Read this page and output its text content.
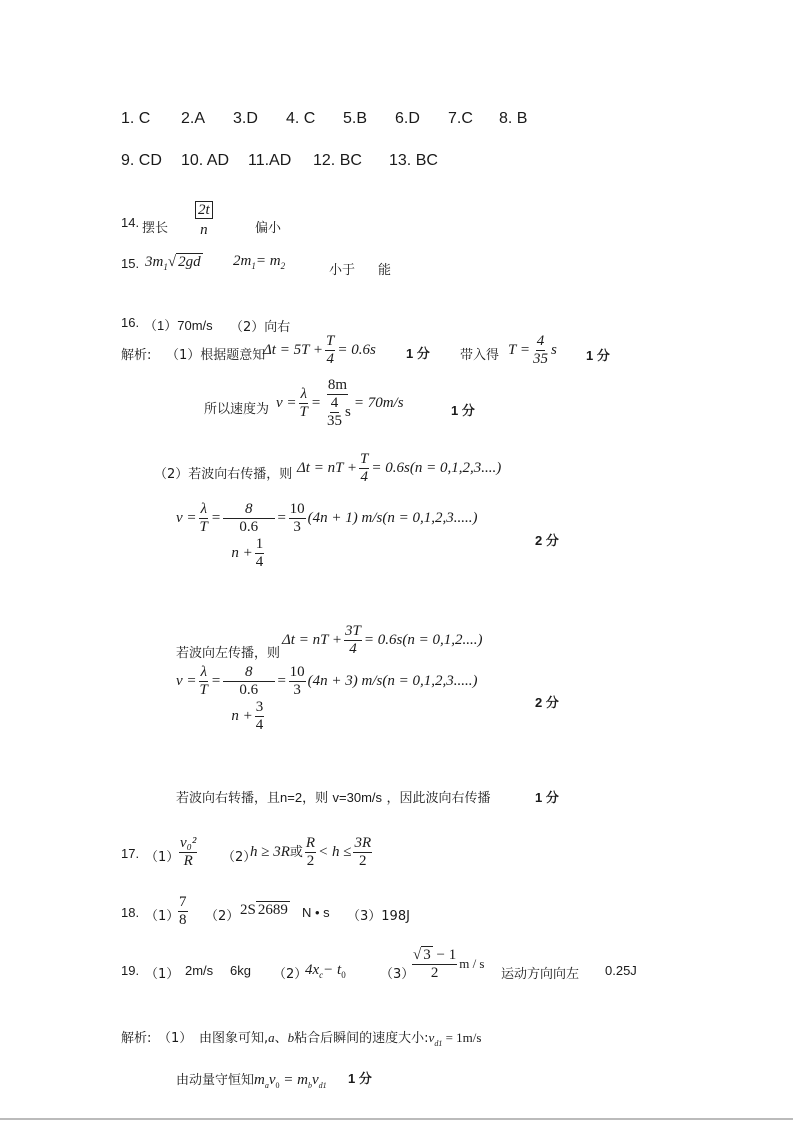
1. C 2.A 3.D 4. C 5.B 6.D 7.C 8. B
9. CD 10. AD 11.AD 12. BC 13. BC
14. 摆长
2t
n	偏小
15. $3m_1√$ 2gd $2m_1= m_2$	小于 能
16. （1）70m/s （2）向右
解析: （1）根据题意知
$\Delta t = 5T + \frac{T}{4} = 0.6s$ 1 分 带入得 $T = \frac{4}{35}$ s 1 分
所以速度为 $v = \frac{\lambda}{T} = \frac{8m}{\frac{4}{35} s} = 70m/s$	1 分
（2）若波向右传播，则 Δt = nT + $\frac{T}{4} = 0.6s(n = 0,1,2,3....)$
$v = \frac{\lambda}{T} = 8$
0.6
$n + \frac{1}{4} = \frac{10}{3} (4n + 1) m/s(n = 0,1,2,3.....)$
2 分
若波向左传播，则
Δt = nT + $\frac{3T}{4} = 0.6s(n = 0,1,2....)$
$v = \frac{\lambda}{T} = 8$
0.6
$n + \frac{3}{4} = \frac{10}{3} (4n + 3) m/s(n = 0,1,2,3.....)$
2 分
若波向右转播，且n=2，则 v=30m/s ，因此波向右传播	1 分
17. $(1) \frac{\text{v₀²}}{R} (2)$
h ≥ 3R或 $\frac{R}{2} < h \le \frac{3R}{2}$
18. （1）
$\frac{7}{8} (2)$ 2S 2689 N • s （3）198J
19. （1） 2m/s 6kg （2）
$4x_c- t_0$	（3）
$\frac{√ 3 - 1}{2}$ m / s
运动方向向左 0.25J
解析: （1） 由图象可知,a、b粘合后瞬间的速度大小$:v_{d1} = 1m/s$
由动量守恒知$m_av_0 = m_bv_{d1}$ 1 分
